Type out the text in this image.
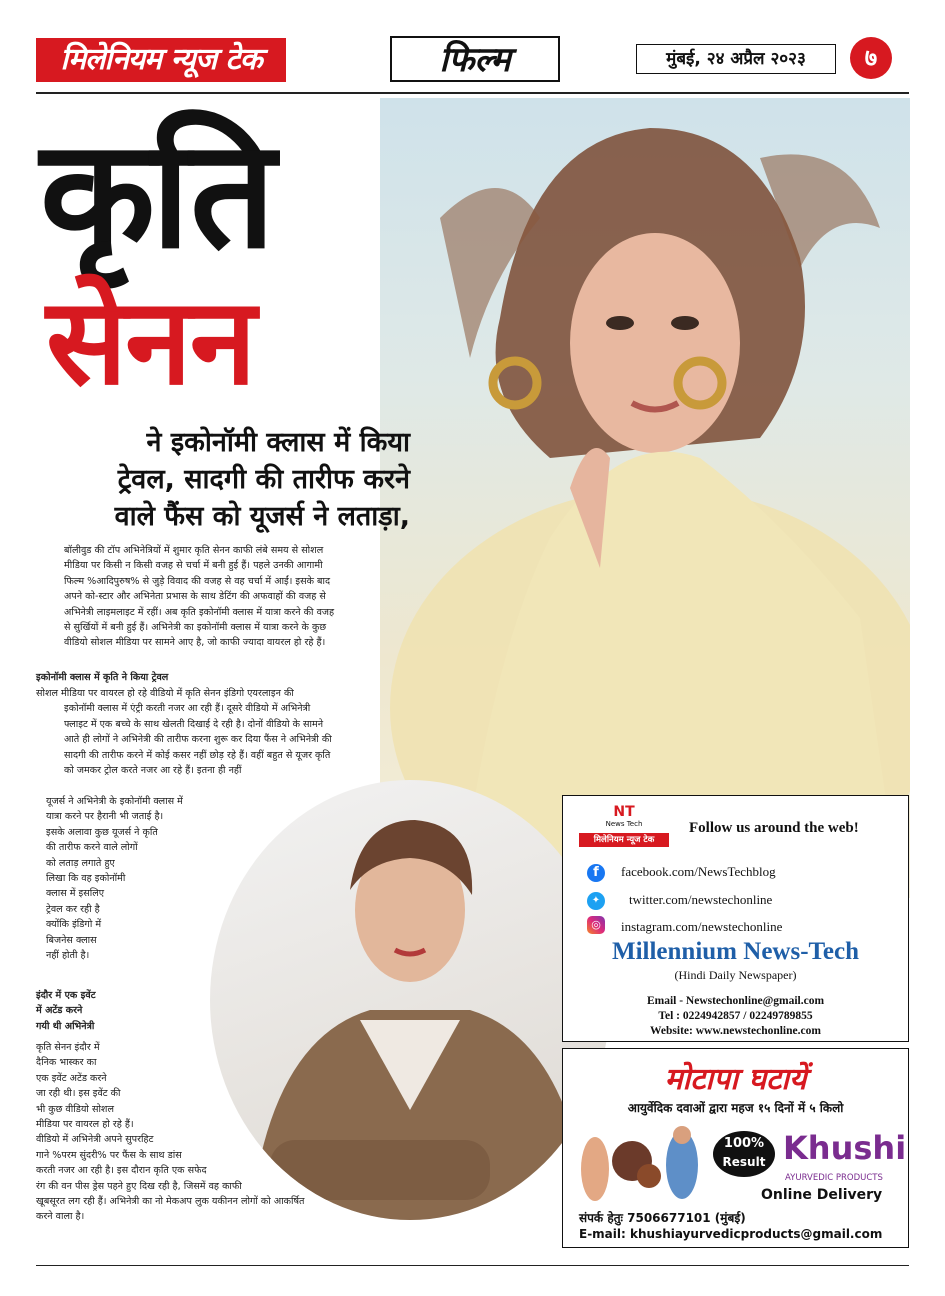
मिलेनियम न्यूज टेक	फिल्म	मुंबई, २४ अप्रैल २०२३	७
कृति
सेनन
ने इकोनॉमी क्लास में किया
ट्रेवल, सादगी की तारीफ करने
वाले फैंस को यूजर्स ने लताड़ा,
बॉलीवुड की टॉप अभिनेत्रियों में शुमार कृति सेनन काफी लंबे समय से सोशल
मीडिया पर किसी न किसी वजह से चर्चा में बनी हुई हैं। पहले उनकी आगामी
फिल्म %आदिपुरुष% से जुड़े विवाद की वजह से वह चर्चा में आईं। इसके बाद
अपने को-स्टार और अभिनेता प्रभास के साथ डेटिंग की अफवाहों की वजह से
अभिनेत्री लाइमलाइट में रहीं। अब कृति इकोनॉमी क्लास में यात्रा करने की वजह
से सुर्खियों में बनी हुई हैं। अभिनेत्री का इकोनॉमी क्लास में यात्रा करने के कुछ
वीडियो सोशल मीडिया पर सामने आए है, जो काफी ज्यादा वायरल हो रहे हैं।
इकोनॉमी क्लास में कृति ने किया ट्रेवल
सोशल मीडिया पर वायरल हो रहे वीडियो में कृति सेनन इंडिगो एयरलाइन की
इकोनॉमी क्लास में एंट्री करती नजर आ रही हैं। दूसरे वीडियो में अभिनेत्री
फ्लाइट में एक बच्चे के साथ खेलती दिखाई दे रही है। दोनों वीडियो के सामने
आते ही लोगों ने अभिनेत्री की तारीफ करना शुरू कर दिया फैंस ने अभिनेत्री की
सादगी की तारीफ करने में कोई कसर नहीं छोड़ रहे हैं। वहीं बहुत से यूजर कृति
को जमकर ट्रोल करते नजर आ रहे हैं। इतना ही नहीं
यूजर्स ने अभिनेत्री के इकोनॉमी क्लास में
यात्रा करने पर हैरानी भी जताई है।
इसके अलावा कुछ यूजर्स ने कृति
की तारीफ करने वाले लोगों
को लताड़ लगाते हुए
लिखा कि वह इकोनॉमी
क्लास में इसलिए
ट्रेवल कर रही है
क्योंकि इंडिगो में
बिजनेस क्लास
नहीं होती है।
इंदौर में एक इवेंट
में अटेंड करने
गयी थी अभिनेत्री
कृति सेनन इंदौर में
दैनिक भास्कर का
एक इवेंट अटेंड करने
जा रही थी। इस इवेंट की
भी कुछ वीडियो सोशल
मीडिया पर वायरल हो रहे हैं।
वीडियो में अभिनेत्री अपने सुपरहिट
गाने %परम सुंदरी% पर फैंस के साथ डांस
करती नजर आ रही है। इस दौरान कृति एक सफेद
रंग की वन पीस ड्रेस पहने हुए दिख रही है, जिसमें वह काफी
खूबसूरत लग रही हैं। अभिनेत्री का नो मेकअप लुक यकीनन लोगों को आकर्षित
करने वाला है।
NT
News Tech
मिलेनियम न्यूज टेक
Follow us around the web!
f	facebook.com/NewsTechblog
✦	twitter.com/newstechonline
◎	instagram.com/newstechonline
Millennium News-Tech
(Hindi Daily Newspaper)
Email - Newstechonline@gmail.com
Tel : 0224942857 / 02249789855
Website: www.newstechonline.com
मोटापा घटायें
आयुर्वेदिक दवाओं द्वारा महज १५ दिनों में ५ किलो
100%
Result Khushi
AYURVEDIC PRODUCTS
Online Delivery
संपर्क हेतुः 7506677101 (मुंबई)
E-mail: khushiayurvedicproducts@gmail.com
